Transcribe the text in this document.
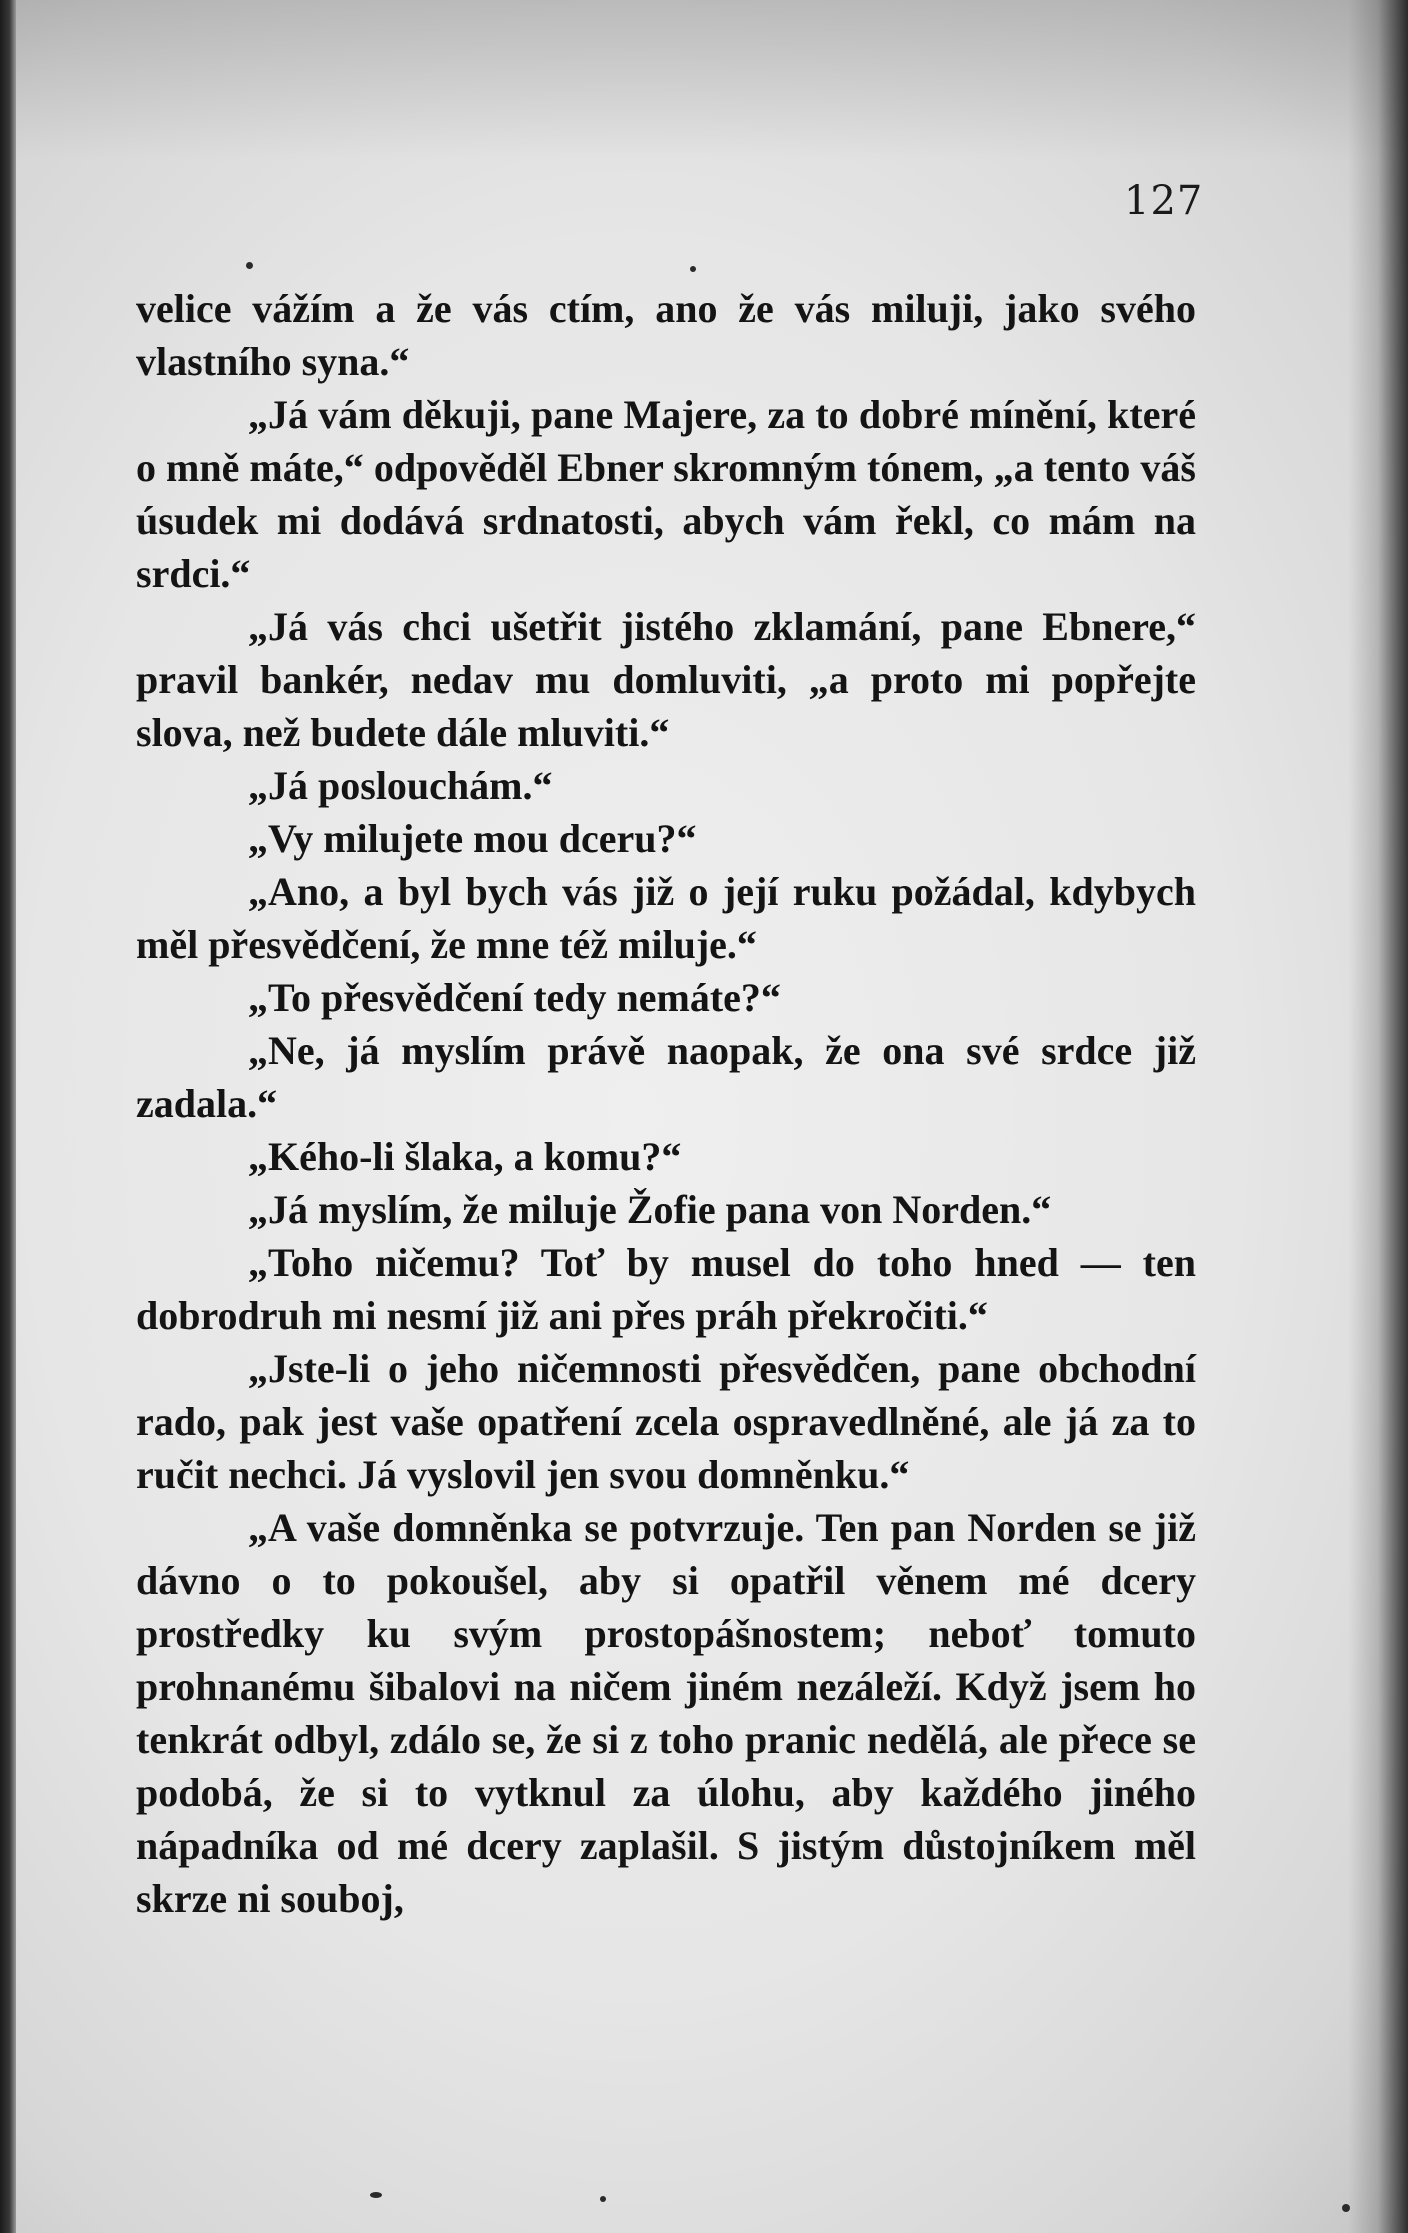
127

velice vážím a že vás ctím, ano že vás miluji, jako svého vlastního syna.“

„Já vám děkuji, pane Majere, za to dobré mínění, které o mně máte,“ odpověděl Ebner skromným tónem, „a tento váš úsudek mi dodává srdnatosti, abych vám řekl, co mám na srdci.“

„Já vás chci ušetřit jistého zklamání, pane Ebnere,“ pravil bankér, nedav mu domluviti, „a proto mi popřejte slova, než budete dále mluviti.“

„Já poslouchám.“

„Vy milujete mou dceru?“

„Ano, a byl bych vás již o její ruku požádal, kdybych měl přesvědčení, že mne též miluje.“

„To přesvědčení tedy nemáte?“

„Ne, já myslím právě naopak, že ona své srdce již zadala.“

„Kého-li šlaka, a komu?“

„Já myslím, že miluje Žofie pana von Norden.“

„Toho ničemu? Toť by musel do toho hned — ten dobrodruh mi nesmí již ani přes práh překročiti.“

„Jste-li o jeho ničemnosti přesvědčen, pane obchodní rado, pak jest vaše opatření zcela ospravedlněné, ale já za to ručit nechci. Já vyslovil jen svou domněnku.“

„A vaše domněnka se potvrzuje. Ten pan Norden se již dávno o to pokoušel, aby si opatřil věnem mé dcery prostředky ku svým prostopášnostem; neboť tomuto prohnanému šibalovi na ničem jiném nezáleží. Když jsem ho tenkrát odbyl, zdálo se, že si z toho pranic nedělá, ale přece se podobá, že si to vytknul za úlohu, aby každého jiného nápadníka od mé dcery zaplašil. S jistým důstojníkem měl skrze ni souboj,
